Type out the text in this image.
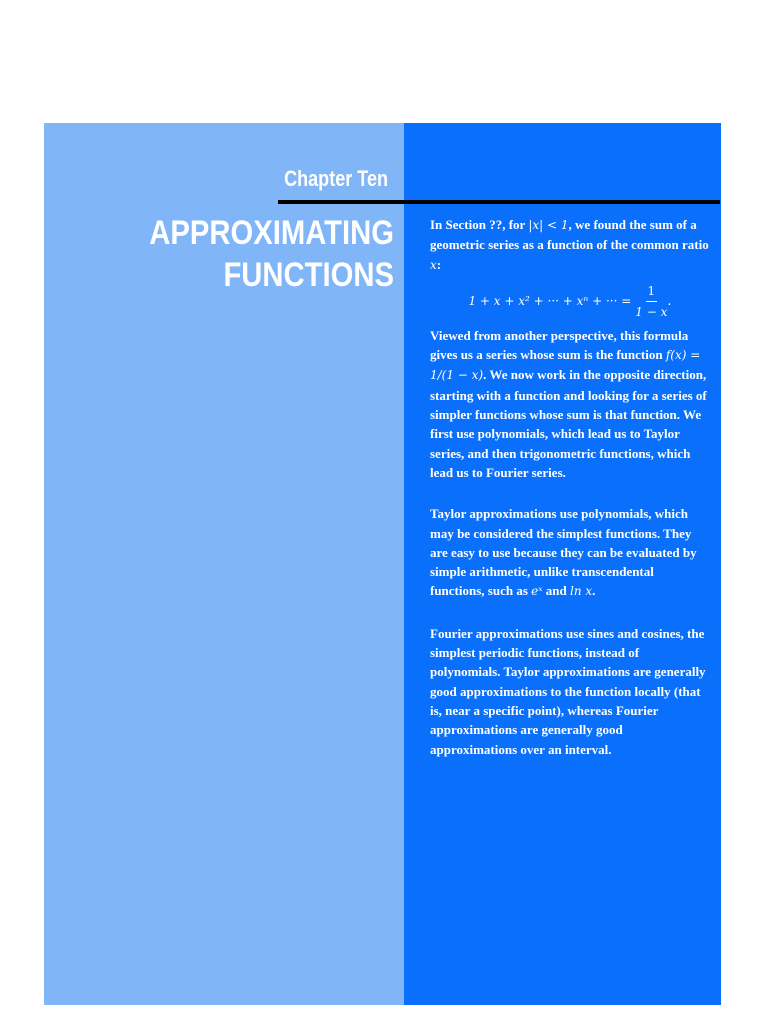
Chapter Ten
APPROXIMATING
FUNCTIONS

In Section ??, for |x| < 1, we found the sum of a geometric series as a function of the common ratio x:

1 + x + x² + ··· + xⁿ + ··· = $\frac{1}{1 - x}$ .

Viewed from another perspective, this formula gives us a series whose sum is the function f(x) = 1/(1 − x). We now work in the opposite direction, starting with a function and looking for a series of simpler functions whose sum is that function. We first use polynomials, which lead us to Taylor series, and then trigonometric functions, which lead us to Fourier series.

Taylor approximations use polynomials, which may be considered the simplest functions. They are easy to use because they can be evaluated by simple arithmetic, unlike transcendental functions, such as eˣ and ln x.

Fourier approximations use sines and cosines, the simplest periodic functions, instead of polynomials. Taylor approximations are generally good approximations to the function locally (that is, near a specific point), whereas Fourier approximations are generally good approximations over an interval.
